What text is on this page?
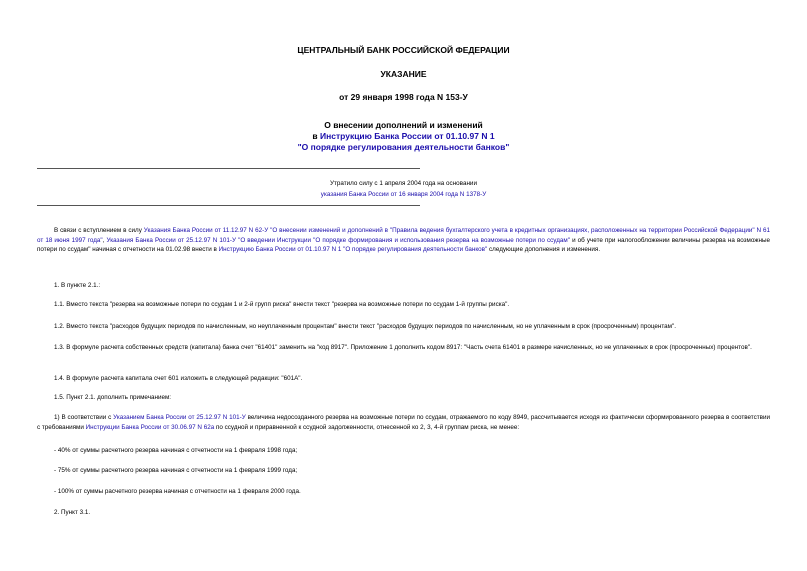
ЦЕНТРАЛЬНЫЙ БАНК РОССИЙСКОЙ ФЕДЕРАЦИИ
УКАЗАНИЕ
от 29 января 1998 года N 153-У
О внесении дополнений и изменений
в Инструкцию Банка России от 01.10.97 N 1
"О порядке регулирования деятельности банков"
Утратило силу с 1 апреля 2004 года на основании
указания Банка России от 16 января 2004 года N 1378-У
В связи с вступлением в силу Указания Банка России от 11.12.97 N 62-У "О внесении изменений и дополнений в "Правила ведения бухгалтерского учета в кредитных организациях, расположенных на территории Российской Федерации" N 61 от 18 июня 1997 года", Указания Банка России от 25.12.97 N 101-У "О введении Инструкции "О порядке формирования и использования резерва на возможные потери по ссудам" и об учете при налогообложении величины резерва на возможные потери по ссудам" начиная с отчетности на 01.02.98 внести в Инструкцию Банка России от 01.10.97 N 1 "О порядке регулирования деятельности банков" следующие дополнения и изменения.
1. В пункте 2.1.:
1.1. Вместо текста "резерва на возможные потери по ссудам 1 и 2-й групп риска" внести текст "резерва на возможные потери по ссудам 1-й группы риска".
1.2. Вместо текста "расходов будущих периодов по начисленным, но неуплаченным процентам" внести текст "расходов будущих периодов по начисленным, но не уплаченным в срок (просроченным) процентам".
1.3. В формуле расчета собственных средств (капитала) банка счет "61401" заменить на "код 8917". Приложение 1 дополнить кодом 8917: "Часть счета 61401 в размере начисленных, но не уплаченных в срок (просроченных) процентов".
1.4. В формуле расчета капитала счет 601 изложить в следующей редакции: "601А".
1.5. Пункт 2.1. дополнить примечанием:
1) В соответствии с Указанием Банка России от 25.12.97 N 101-У величина недосозданного резерва на возможные потери по ссудам, отражаемого по коду 8949, рассчитывается исходя из фактически сформированного резерва в соответствии с требованиями Инструкции Банка России от 30.06.97 N 62а по ссудной и приравненной к ссудной задолженности, отнесенной ко 2, 3, 4-й группам риска, не менее:
- 40% от суммы расчетного резерва начиная с отчетности на 1 февраля 1998 года;
- 75% от суммы расчетного резерва начиная с отчетности на 1 февраля 1999 года;
- 100% от суммы расчетного резерва начиная с отчетности на 1 февраля 2000 года.
2. Пункт 3.1.
